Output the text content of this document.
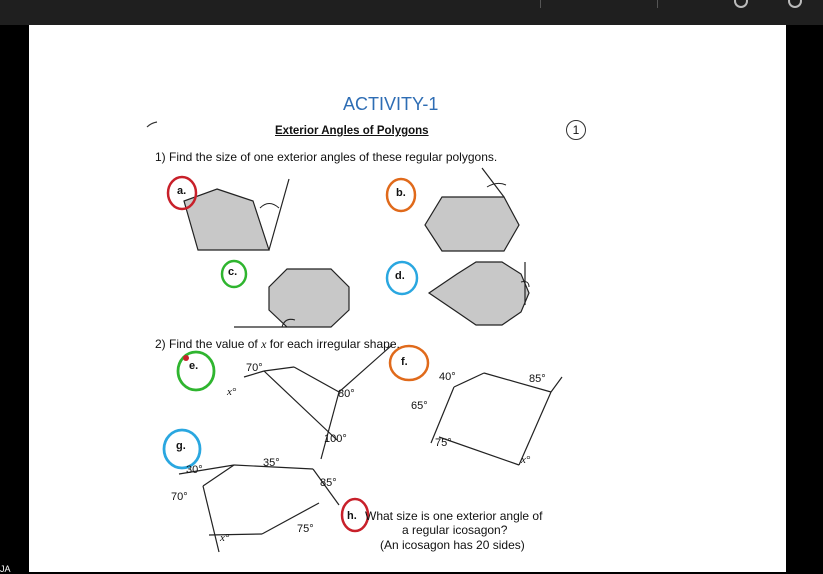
ACTIVITY-1
Exterior Angles of Polygons	1
1) Find the size of one exterior angles of these regular polygons.
a.	b.
c.	d.
2) Find the value of x for each irregular shape.
e.	f.
g.
70°
80°
100°
x°
40°	85°
65°
75°
x°
30°
35°
85°
70°
75°
x°
h. What size is one exterior angle of
a regular icosagon?
(An icosagon has 20 sides)
JA
